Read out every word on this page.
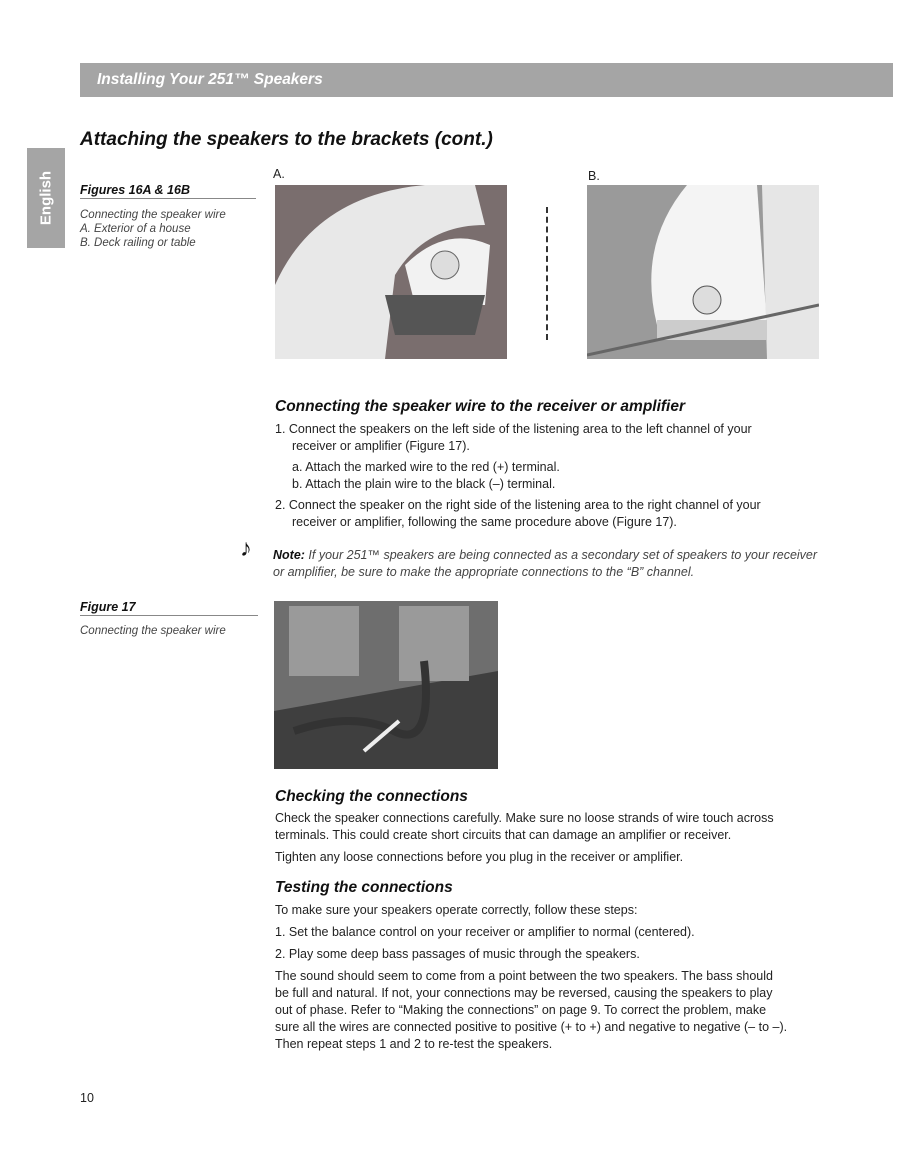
Installing Your 251™ Speakers
English
Attaching the speakers to the brackets (cont.)
Figures 16A & 16B
Connecting the speaker wire
A. Exterior of a house
B. Deck railing or table
A.	B.
Connecting the speaker wire to the receiver or amplifier
1. Connect the speakers on the left side of the listening area to the left channel of your
receiver or amplifier (Figure 17).
a. Attach the marked wire to the red (+) terminal.
b. Attach the plain wire to the black (–) terminal.
2. Connect the speaker on the right side of the listening area to the right channel of your
receiver or amplifier, following the same procedure above (Figure 17).
♪ Note: If your 251™ speakers are being connected as a secondary set of speakers to your receiver
or amplifier, be sure to make the appropriate connections to the “B” channel.
Figure 17
Connecting the speaker wire
Checking the connections
Check the speaker connections carefully. Make sure no loose strands of wire touch across
terminals. This could create short circuits that can damage an amplifier or receiver.
Tighten any loose connections before you plug in the receiver or amplifier.
Testing the connections
To make sure your speakers operate correctly, follow these steps:
1. Set the balance control on your receiver or amplifier to normal (centered).
2. Play some deep bass passages of music through the speakers.
The sound should seem to come from a point between the two speakers. The bass should
be full and natural. If not, your connections may be reversed, causing the speakers to play
out of phase. Refer to “Making the connections” on page 9. To correct the problem, make
sure all the wires are connected positive to positive (+ to +) and negative to negative (– to –).
Then repeat steps 1 and 2 to re-test the speakers.
10
